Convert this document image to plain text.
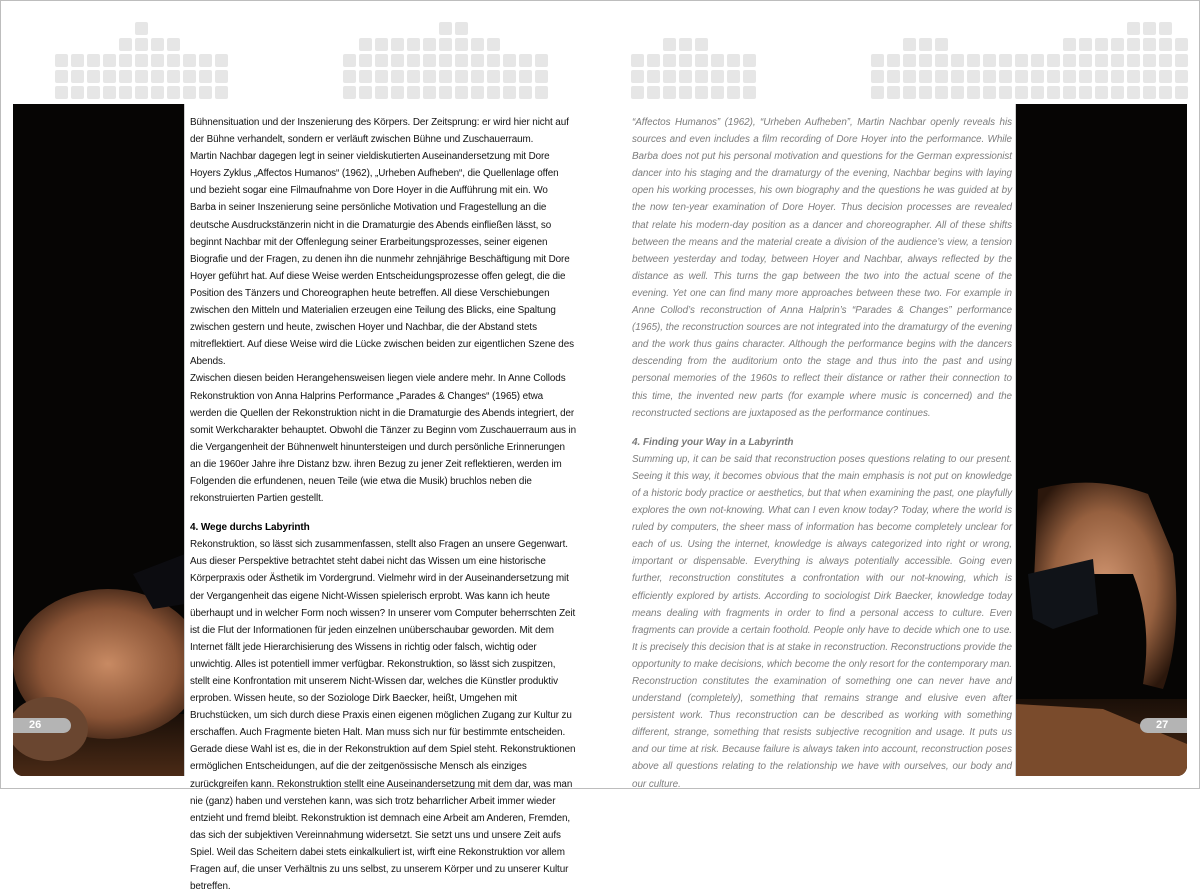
Bühnensituation und der Inszenierung des Körpers. Der Zeitsprung: er wird hier nicht auf der Bühne verhandelt, sondern er verläuft zwischen Bühne und Zuschauerraum.

Martin Nachbar dagegen legt in seiner vieldiskutierten Auseinandersetzung mit Dore Hoyers Zyklus „Affectos Humanos“ (1962), „Urheben Aufheben“, die Quellenlage offen und bezieht sogar eine Filmaufnahme von Dore Hoyer in die Aufführung mit ein. Wo Barba in seiner Inszenierung seine persönliche Motivation und Fragestellung an die deutsche Ausdruckstänzerin nicht in die Dramaturgie des Abends einfließen lässt, so beginnt Nachbar mit der Offenlegung seiner Erarbeitungsprozesses, seiner eigenen Biografie und der Fragen, zu denen ihn die nunmehr zehnjährige Beschäftigung mit Dore Hoyer geführt hat. Auf diese Weise werden Entscheidungsprozesse offen gelegt, die die Position des Tänzers und Choreographen heute betreffen. All diese Verschiebungen zwischen den Mitteln und Materialien erzeugen eine Teilung des Blicks, eine Spaltung zwischen gestern und heute, zwischen Hoyer und Nachbar, die der Abstand stets mitreflektiert. Auf diese Weise wird die Lücke zwischen beiden zur eigentlichen Szene des Abends.

Zwischen diesen beiden Herangehensweisen liegen viele andere mehr. In Anne Collods Rekonstruktion von Anna Halprins Performance „Parades & Changes“ (1965) etwa werden die Quellen der Rekonstruktion nicht in die Dramaturgie des Abends integriert, der somit Werkcharakter behauptet. Obwohl die Tänzer zu Beginn vom Zuschauerraum aus in die Vergangenheit der Bühnenwelt hinuntersteigen und durch persönliche Erinnerungen an die 1960er Jahre ihre Distanz bzw. ihren Bezug zu jener Zeit reflektieren, werden im Folgenden die erfundenen, neuen Teile (wie etwa die Musik) bruchlos neben die rekonstruierten Partien gestellt.

4. Wege durchs Labyrinth

Rekonstruktion, so lässt sich zusammenfassen, stellt also Fragen an unsere Gegenwart. Aus dieser Perspektive betrachtet steht dabei nicht das Wissen um eine historische Körperpraxis oder Ästhetik im Vordergrund. Vielmehr wird in der Auseinandersetzung mit der Vergangenheit das eigene Nicht-Wissen spielerisch erprobt. Was kann ich heute überhaupt und in welcher Form noch wissen? In unserer vom Computer beherrschten Zeit ist die Flut der Informationen für jeden einzelnen unüberschaubar geworden. Mit dem Internet fällt jede Hierarchisierung des Wissens in richtig oder falsch, wichtig oder unwichtig. Alles ist potentiell immer verfügbar. Rekonstruktion, so lässt sich zuspitzen, stellt eine Konfrontation mit unserem Nicht-Wissen dar, welches die Künstler produktiv erproben. Wissen heute, so der Soziologe Dirk Baecker, heißt, Umgehen mit Bruchstücken, um sich durch diese Praxis einen eigenen möglichen Zugang zur Kultur zu erschaffen. Auch Fragmente bieten Halt. Man muss sich nur für bestimmte entscheiden. Gerade diese Wahl ist es, die in der Rekonstruktion auf dem Spiel steht. Rekonstruktionen ermöglichen Entscheidungen, auf die der zeitgenössische Mensch als einziges zurückgreifen kann. Rekonstruktion stellt eine Auseinandersetzung mit dem dar, was man nie (ganz) haben und verstehen kann, was sich trotz beharrlicher Arbeit immer wieder entzieht und fremd bleibt. Rekonstruktion ist demnach eine Arbeit am Anderen, Fremden, das sich der subjektiven Vereinnahmung widersetzt. Sie setzt uns und unsere Zeit aufs Spiel. Weil das Scheitern dabei stets einkalkuliert ist, wirft eine Rekonstruktion vor allem Fragen auf, die unser Verhältnis zu uns selbst, zu unserem Körper und zu unserer Kultur betreffen.

“Affectos Humanos” (1962), “Urheben Aufheben”, Martin Nachbar openly reveals his sources and even includes a film recording of Dore Hoyer into the performance. While Barba does not put his personal motivation and questions for the German expressionist dancer into his staging and the dramaturgy of the evening, Nachbar begins with laying open his working processes, his own biography and the questions he was guided at by the now ten-year examination of Dore Hoyer. Thus decision processes are revealed that relate his modern-day position as a dancer and choreographer. All of these shifts between the means and the material create a division of the audience’s view, a tension between yesterday and today, between Hoyer and Nachbar, always reflected by the distance as well. This turns the gap between the two into the actual scene of the evening. Yet one can find many more approaches between these two. For example in Anne Collod’s reconstruction of Anna Halprin’s “Parades & Changes” performance (1965), the reconstruction sources are not integrated into the dramaturgy of the evening and the work thus gains character. Although the performance begins with the dancers descending from the auditorium onto the stage and thus into the past and using personal memories of the 1960s to reflect their distance or rather their connection to this time, the invented new parts (for example where music is concerned) and the reconstructed sections are juxtaposed as the performance continues.

4. Finding your Way in a Labyrinth

Summing up, it can be said that reconstruction poses questions relating to our present. Seeing it this way, it becomes obvious that the main emphasis is not put on knowledge of a historic body practice or aesthetics, but that when examining the past, one playfully explores the own not-knowing. What can I even know today? Today, where the world is ruled by computers, the sheer mass of information has become completely unclear for each of us. Using the internet, knowledge is always categorized into right or wrong, important or dispensable. Everything is always potentially accessible. Going even further, reconstruction constitutes a confrontation with our not-knowing, which is efficiently explored by artists. According to sociologist Dirk Baecker, knowledge today means dealing with fragments in order to find a personal access to culture. Even fragments can provide a certain foothold. People only have to decide which one to use. It is precisely this decision that is at stake in reconstruction. Reconstructions provide the opportunity to make decisions, which become the only resort for the contemporary man. Reconstruction constitutes the examination of something one can never have and understand (completely), something that remains strange and elusive even after persistent work. Thus reconstruction can be described as working with something different, strange, something that resists subjective recognition and usage. It puts us and our time at risk. Because failure is always taken into account, reconstruction poses above all questions relating to the relationship we have with ourselves, our body and our culture.

26	27
